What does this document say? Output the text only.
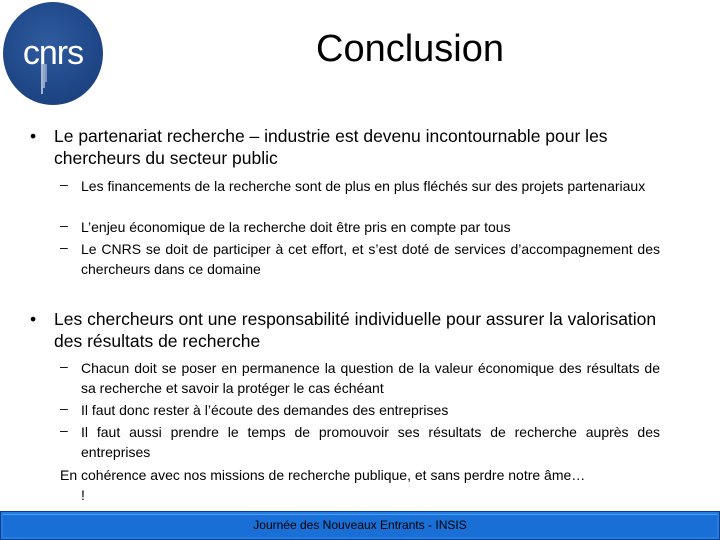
cnrs	Conclusion
• Le partenariat recherche – industrie est devenu incontournable pour les chercheurs du secteur public
– Les financements de la recherche sont de plus en plus fléchés sur des projets partenariaux
– L’enjeu économique de la recherche doit être pris en compte par tous
– Le CNRS se doit de participer à cet effort, et s’est doté de services d’accompagnement des chercheurs dans ce domaine
• Les chercheurs ont une responsabilité individuelle pour assurer la valorisation des résultats de recherche
– Chacun doit se poser en permanence la question de la valeur économique des résultats de sa recherche et savoir la protéger le cas échéant
– Il faut donc rester à l’écoute des demandes des entreprises
– Il faut aussi prendre le temps de promouvoir ses résultats de recherche auprès des entreprises
En cohérence avec nos missions de recherche publique, et sans perdre notre âme…
!
Journée des Nouveaux Entrants - INSIS
